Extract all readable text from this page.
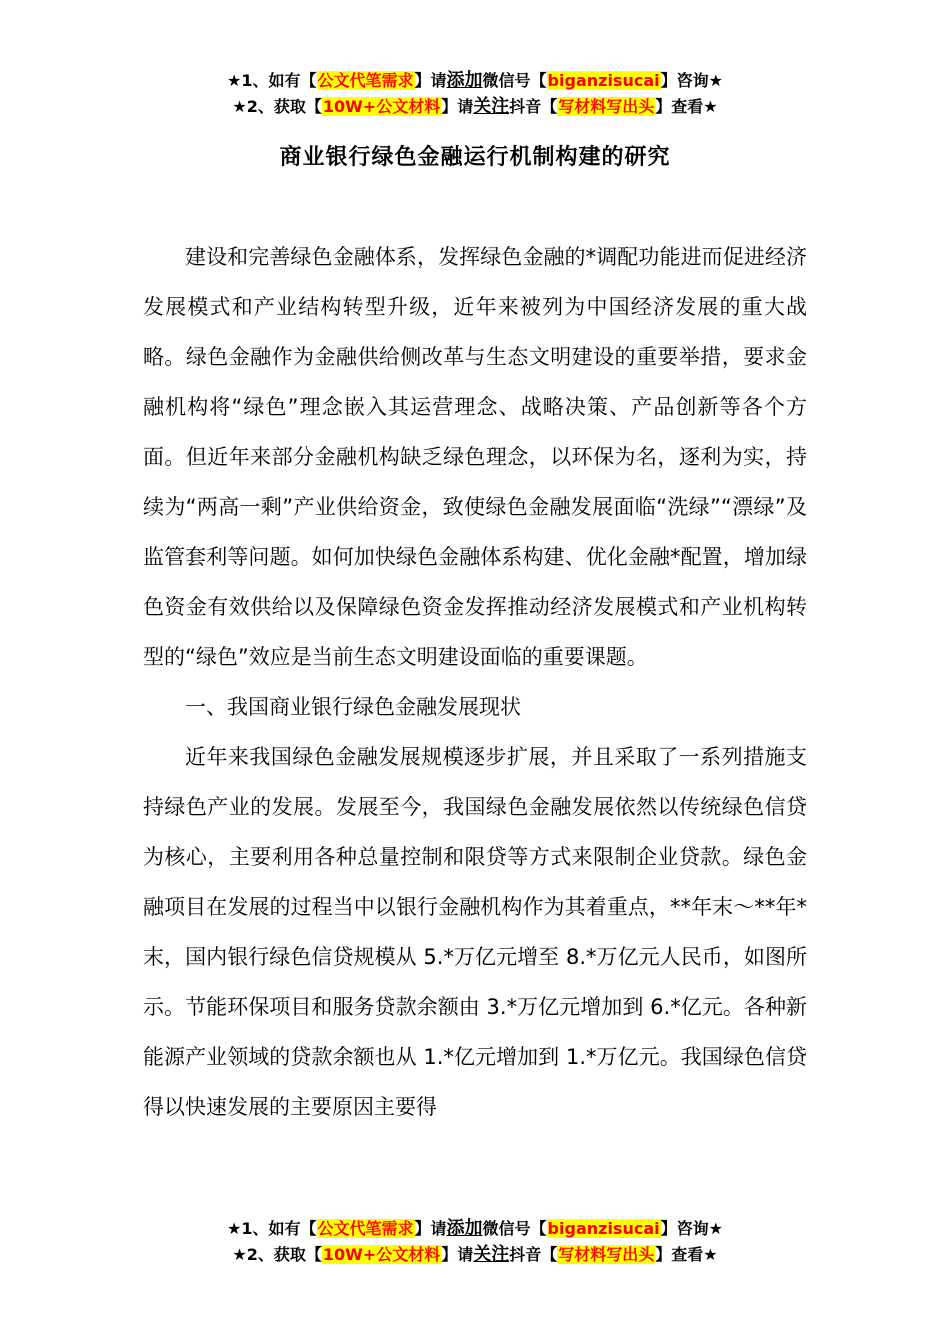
★1、如有【公文代笔需求】请添加微信号【biganzisucai】咨询★
★2、获取【10W+公文材料】请关注抖音【写材料写出头】查看★
商业银行绿色金融运行机制构建的研究

建设和完善绿色金融体系，发挥绿色金融的*调配功能进而促进经济发展模式和产业结构转型升级，近年来被列为中国经济发展的重大战略。绿色金融作为金融供给侧改革与生态文明建设的重要举措，要求金融机构将“绿色”理念嵌入其运营理念、战略决策、产品创新等各个方面。但近年来部分金融机构缺乏绿色理念，以环保为名，逐利为实，持续为“两高一剩”产业供给资金，致使绿色金融发展面临“洗绿”“漂绿”及监管套利等问题。如何加快绿色金融体系构建、优化金融*配置，增加绿色资金有效供给以及保障绿色资金发挥推动经济发展模式和产业机构转型的“绿色”效应是当前生态文明建设面临的重要课题。

一、我国商业银行绿色金融发展现状

近年来我国绿色金融发展规模逐步扩展，并且采取了一系列措施支持绿色产业的发展。发展至今，我国绿色金融发展依然以传统绿色信贷为核心，主要利用各种总量控制和限贷等方式来限制企业贷款。绿色金融项目在发展的过程当中以银行金融机构作为其着重点，**年末～**年*末，国内银行绿色信贷规模从 5.*万亿元增至 8.*万亿元人民币，如图所示。节能环保项目和服务贷款余额由 3.*万亿元增加到 6.*亿元。各种新能源产业领域的贷款余额也从 1.*亿元增加到 1.*万亿元。我国绿色信贷得以快速发展的主要原因主要得

★1、如有【公文代笔需求】请添加微信号【biganzisucai】咨询★
★2、获取【10W+公文材料】请关注抖音【写材料写出头】查看★
